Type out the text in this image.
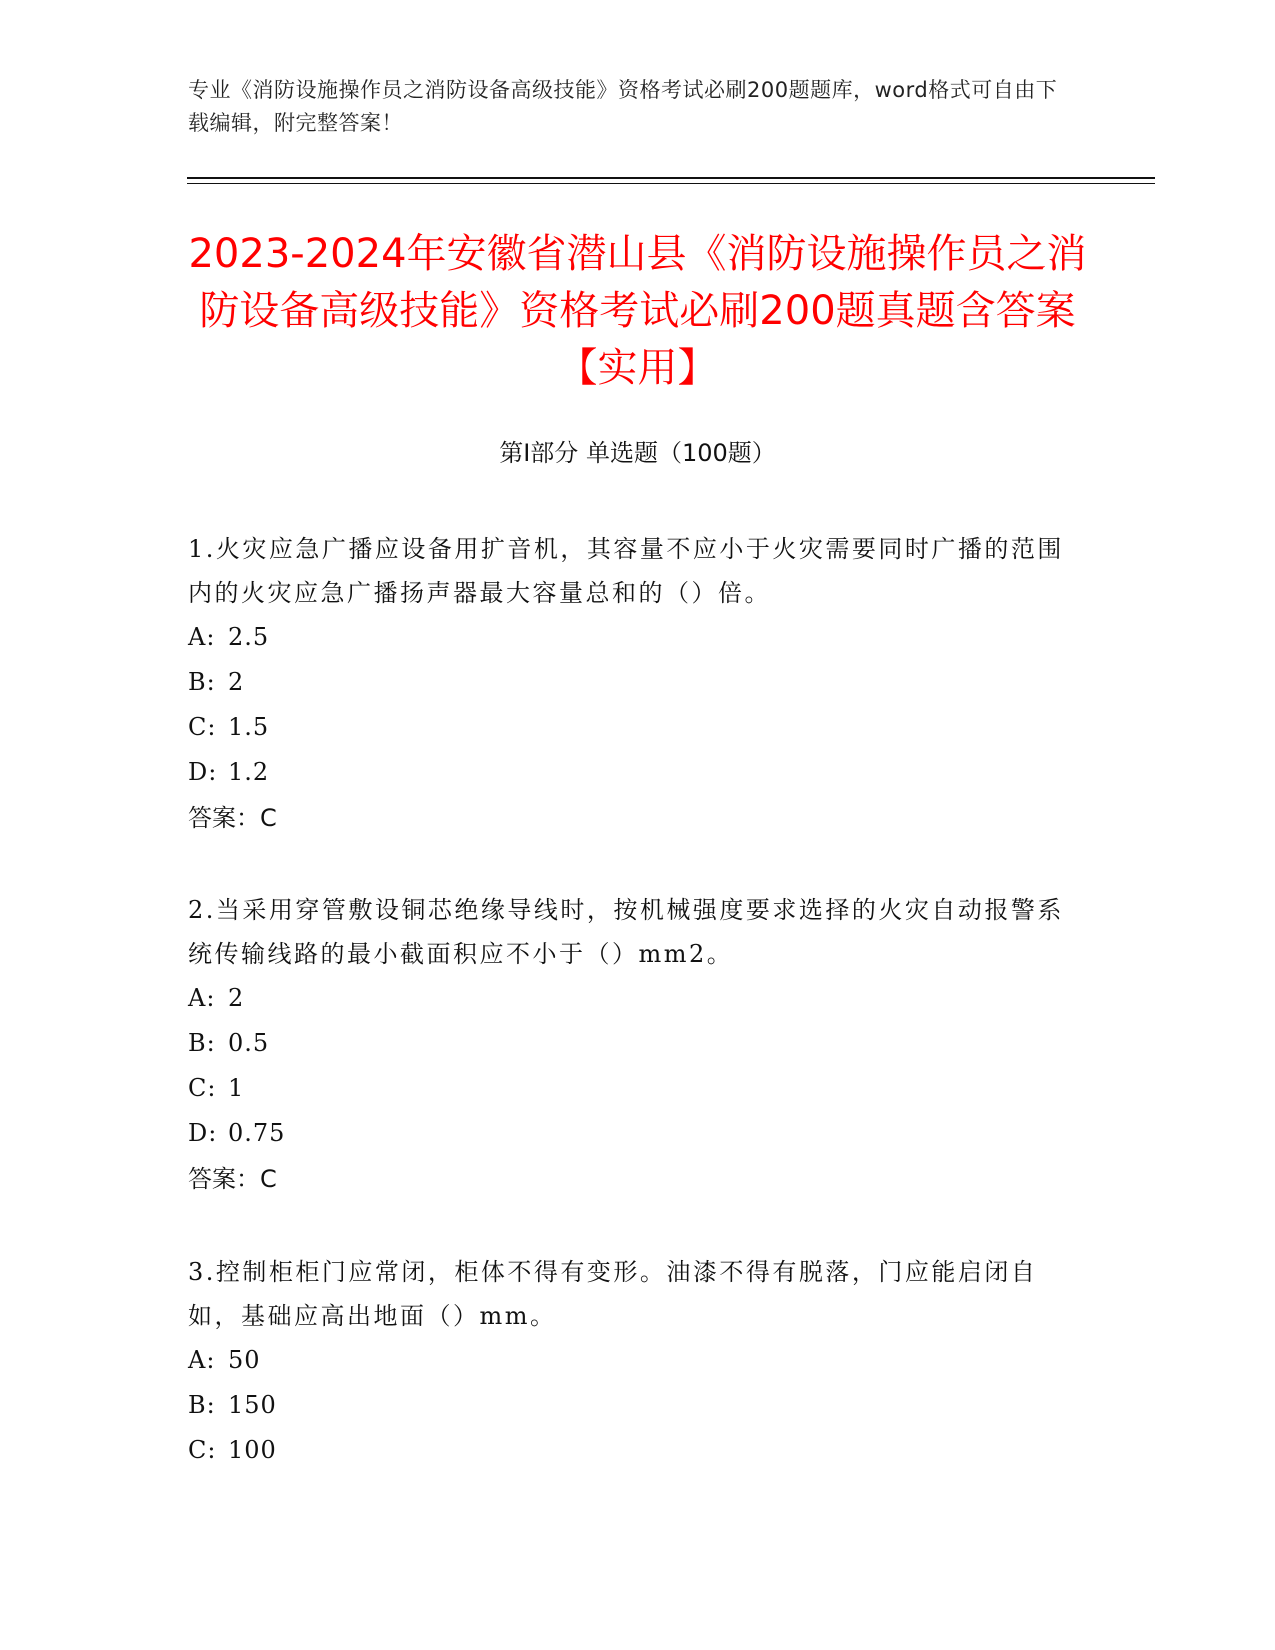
专业《消防设施操作员之消防设备高级技能》资格考试必刷200题题库，word格式可自由下载编辑，附完整答案！
2023-2024年安徽省潜山县《消防设施操作员之消防设备高级技能》资格考试必刷200题真题含答案【实用】
第Ⅰ部分 单选题（100题）

1.火灾应急广播应设备用扩音机，其容量不应小于火灾需要同时广播的范围内的火灾应急广播扬声器最大容量总和的（）倍。

A: 2.5

B: 2

C: 1.5

D: 1.2

答案：C

2.当采用穿管敷设铜芯绝缘导线时，按机械强度要求选择的火灾自动报警系统传输线路的最小截面积应不小于（）mm2。

A: 2

B: 0.5

C: 1

D: 0.75

答案：C

3.控制柜柜门应常闭，柜体不得有变形。油漆不得有脱落，门应能启闭自如，基础应高出地面（）mm。

A: 50

B: 150

C: 100
